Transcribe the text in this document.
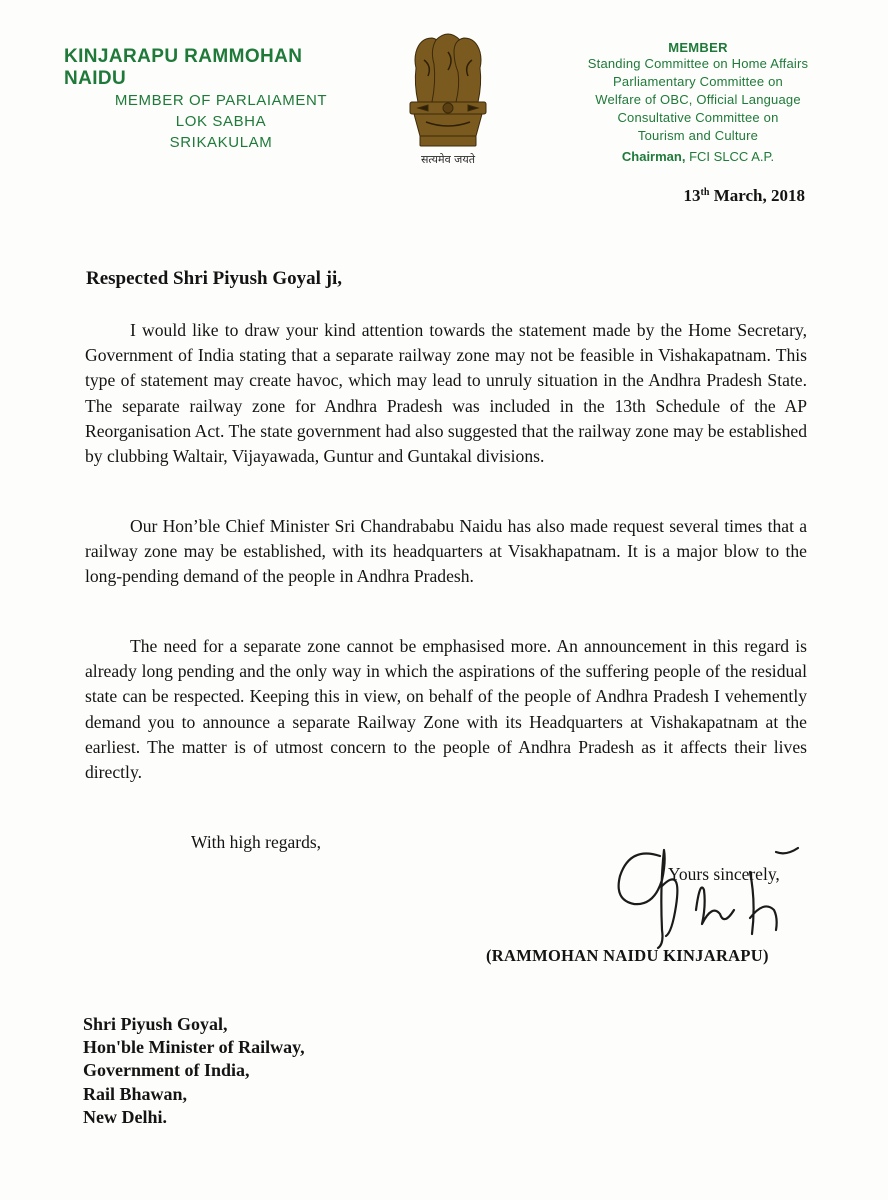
KINJARAPU RAMMOHAN NAIDU
MEMBER OF PARLAIAMENT
LOK SABHA
SRIKAKULAM
सत्यमेव जयते
MEMBER
Standing Committee on Home Affairs
Parliamentary Committee on
Welfare of OBC, Official Language
Consultative Committee on
Tourism and Culture
Chairman, FCI SLCC A.P.
13th March, 2018
Respected Shri Piyush Goyal ji,

I would like to draw your kind attention towards the statement made by the Home Secretary, Government of India stating that a separate railway zone may not be feasible in Vishakapatnam. This type of statement may create havoc, which may lead to unruly situation in the Andhra Pradesh State. The separate railway zone for Andhra Pradesh was included in the 13th Schedule of the AP Reorganisation Act. The state government had also suggested that the railway zone may be established by clubbing Waltair, Vijayawada, Guntur and Guntakal divisions.

Our Hon’ble Chief Minister Sri Chandrababu Naidu has also made request several times that a railway zone may be established, with its headquarters at Visakhapatnam. It is a major blow to the long-pending demand of the people in Andhra Pradesh.

The need for a separate zone cannot be emphasised more. An announcement in this regard is already long pending and the only way in which the aspirations of the suffering people of the residual state can be respected. Keeping this in view, on behalf of the people of Andhra Pradesh I vehemently demand you to announce a separate Railway Zone with its Headquarters at Vishakapatnam at the earliest. The matter is of utmost concern to the people of Andhra Pradesh as it affects their lives directly.

With high regards,
Yours sincerely,
(RAMMOHAN NAIDU KINJARAPU)
Shri Piyush Goyal,
Hon'ble Minister of Railway,
Government of India,
Rail Bhawan,
New Delhi.
